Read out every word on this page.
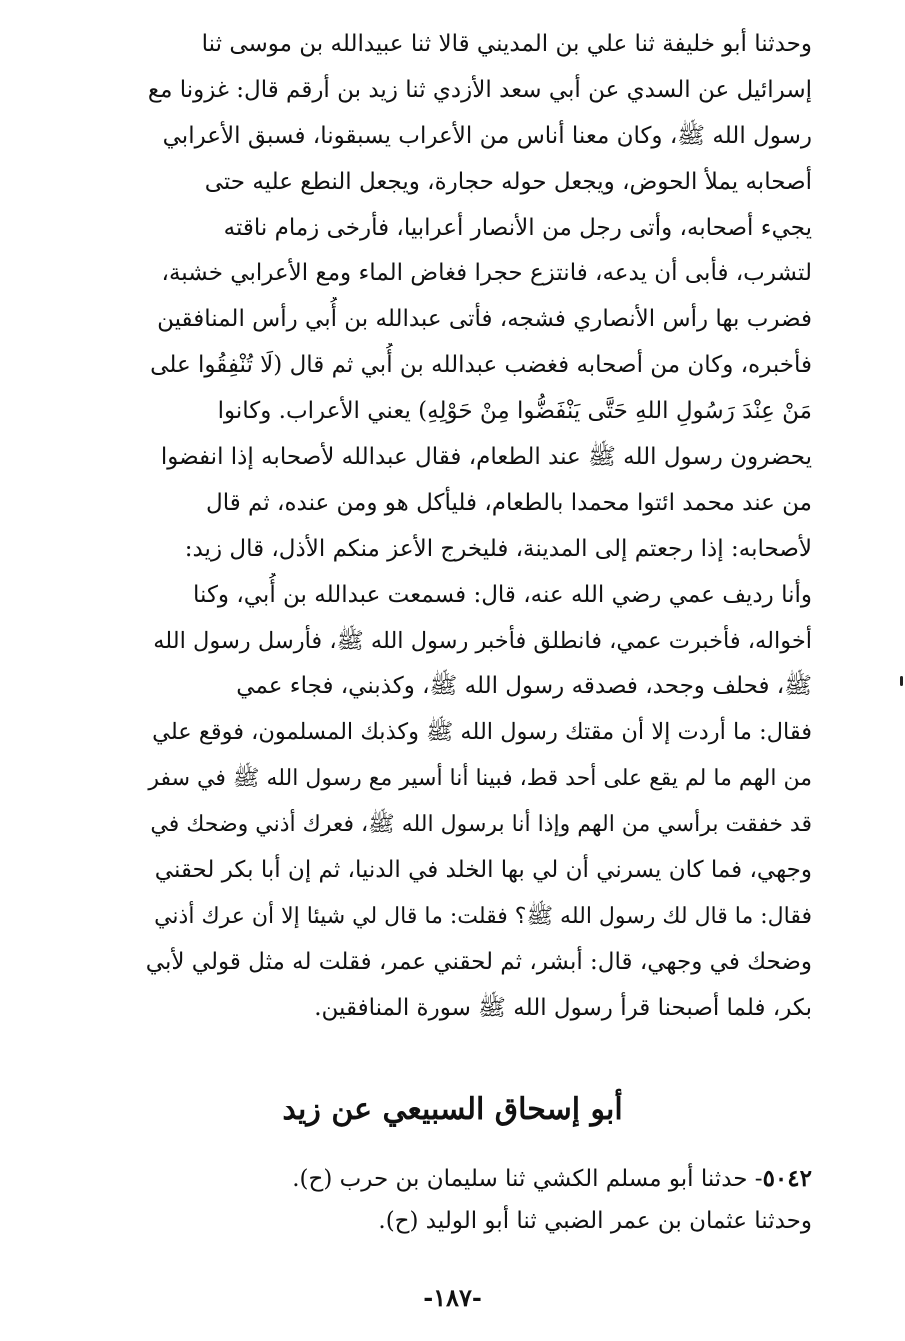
وحدثنا أبو خليفة ثنا علي بن المديني قالا ثنا عبيدالله بن موسى ثنا
إسرائيل عن السدي عن أبي سعد الأزدي ثنا زيد بن أرقم قال: غزونا مع
رسول الله ﷺ، وكان معنا أناس من الأعراب يسبقونا، فسبق الأعرابي
أصحابه يملأ الحوض، ويجعل حوله حجارة، ويجعل النطع عليه حتى
يجيء أصحابه، وأتى رجل من الأنصار أعرابيا، فأرخى زمام ناقته
لتشرب، فأبى أن يدعه، فانتزع حجرا فغاض الماء ومع الأعرابي خشبة،
فضرب بها رأس الأنصاري فشجه، فأتى عبدالله بن أُبي رأس المنافقين
فأخبره، وكان من أصحابه فغضب عبدالله بن أُبي ثم قال (لَا تُنْفِقُوا على
مَنْ عِنْدَ رَسُولِ اللهِ حَتَّى يَنْفَضُّوا مِنْ حَوْلِهِ) يعني الأعراب. وكانوا
يحضرون رسول الله ﷺ عند الطعام، فقال عبدالله لأصحابه إذا انفضوا
من عند محمد ائتوا محمدا بالطعام، فليأكل هو ومن عنده، ثم قال
لأصحابه: إذا رجعتم إلى المدينة، فليخرج الأعز منكم الأذل، قال زيد:
وأنا رديف عمي رضي الله عنه، قال: فسمعت عبدالله بن أُبي، وكنا
أخواله، فأخبرت عمي، فانطلق فأخبر رسول الله ﷺ، فأرسل رسول الله
ﷺ، فحلف وجحد، فصدقه رسول الله ﷺ، وكذبني، فجاء عمي
فقال: ما أردت إلا أن مقتك رسول الله ﷺ وكذبك المسلمون، فوقع علي
من الهم ما لم يقع على أحد قط، فبينا أنا أسير مع رسول الله ﷺ في سفر
قد خفقت برأسي من الهم وإذا أنا برسول الله ﷺ، فعرك أذني وضحك في
وجهي، فما كان يسرني أن لي بها الخلد في الدنيا، ثم إن أبا بكر لحقني
فقال: ما قال لك رسول الله ﷺ؟ فقلت: ما قال لي شيئا إلا أن عرك أذني
وضحك في وجهي، قال: أبشر، ثم لحقني عمر، فقلت له مثل قولي لأبي
بكر، فلما أصبحنا قرأ رسول الله ﷺ سورة المنافقين.
أبو إسحاق السبيعي عن زيد
٥٠٤٢- حدثنا أبو مسلم الكشي ثنا سليمان بن حرب (ح).
وحدثنا عثمان بن عمر الضبي ثنا أبو الوليد (ح).
-١٨٧-
